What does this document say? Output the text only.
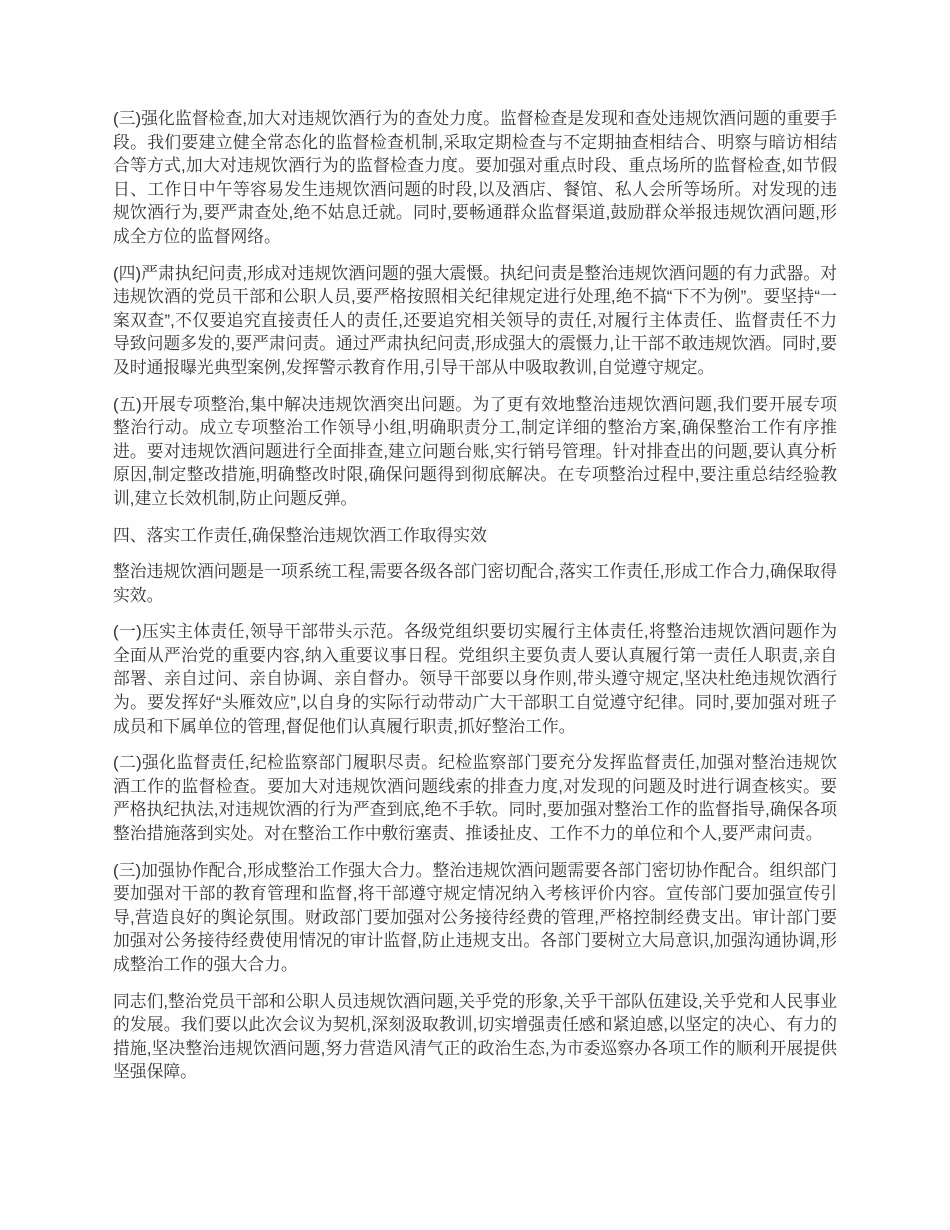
(三)强化监督检查,加大对违规饮酒行为的查处力度。监督检查是发现和查处违规饮酒问题的重要手段。我们要建立健全常态化的监督检查机制,采取定期检查与不定期抽查相结合、明察与暗访相结合等方式,加大对违规饮酒行为的监督检查力度。要加强对重点时段、重点场所的监督检查,如节假日、工作日中午等容易发生违规饮酒问题的时段,以及酒店、餐馆、私人会所等场所。对发现的违规饮酒行为,要严肃查处,绝不姑息迁就。同时,要畅通群众监督渠道,鼓励群众举报违规饮酒问题,形成全方位的监督网络。

(四)严肃执纪问责,形成对违规饮酒问题的强大震慑。执纪问责是整治违规饮酒问题的有力武器。对违规饮酒的党员干部和公职人员,要严格按照相关纪律规定进行处理,绝不搞“下不为例”。要坚持“一案双查”,不仅要追究直接责任人的责任,还要追究相关领导的责任,对履行主体责任、监督责任不力导致问题多发的,要严肃问责。通过严肃执纪问责,形成强大的震慑力,让干部不敢违规饮酒。同时,要及时通报曝光典型案例,发挥警示教育作用,引导干部从中吸取教训,自觉遵守规定。

(五)开展专项整治,集中解决违规饮酒突出问题。为了更有效地整治违规饮酒问题,我们要开展专项整治行动。成立专项整治工作领导小组,明确职责分工,制定详细的整治方案,确保整治工作有序推进。要对违规饮酒问题进行全面排查,建立问题台账,实行销号管理。针对排查出的问题,要认真分析原因,制定整改措施,明确整改时限,确保问题得到彻底解决。在专项整治过程中,要注重总结经验教训,建立长效机制,防止问题反弹。

四、落实工作责任,确保整治违规饮酒工作取得实效

整治违规饮酒问题是一项系统工程,需要各级各部门密切配合,落实工作责任,形成工作合力,确保取得实效。

(一)压实主体责任,领导干部带头示范。各级党组织要切实履行主体责任,将整治违规饮酒问题作为全面从严治党的重要内容,纳入重要议事日程。党组织主要负责人要认真履行第一责任人职责,亲自部署、亲自过问、亲自协调、亲自督办。领导干部要以身作则,带头遵守规定,坚决杜绝违规饮酒行为。要发挥好“头雁效应”,以自身的实际行动带动广大干部职工自觉遵守纪律。同时,要加强对班子成员和下属单位的管理,督促他们认真履行职责,抓好整治工作。

(二)强化监督责任,纪检监察部门履职尽责。纪检监察部门要充分发挥监督责任,加强对整治违规饮酒工作的监督检查。要加大对违规饮酒问题线索的排查力度,对发现的问题及时进行调查核实。要严格执纪执法,对违规饮酒的行为严查到底,绝不手软。同时,要加强对整治工作的监督指导,确保各项整治措施落到实处。对在整治工作中敷衍塞责、推诿扯皮、工作不力的单位和个人,要严肃问责。

(三)加强协作配合,形成整治工作强大合力。整治违规饮酒问题需要各部门密切协作配合。组织部门要加强对干部的教育管理和监督,将干部遵守规定情况纳入考核评价内容。宣传部门要加强宣传引导,营造良好的舆论氛围。财政部门要加强对公务接待经费的管理,严格控制经费支出。审计部门要加强对公务接待经费使用情况的审计监督,防止违规支出。各部门要树立大局意识,加强沟通协调,形成整治工作的强大合力。

同志们,整治党员干部和公职人员违规饮酒问题,关乎党的形象,关乎干部队伍建设,关乎党和人民事业的发展。我们要以此次会议为契机,深刻汲取教训,切实增强责任感和紧迫感,以坚定的决心、有力的措施,坚决整治违规饮酒问题,努力营造风清气正的政治生态,为市委巡察办各项工作的顺利开展提供坚强保障。
